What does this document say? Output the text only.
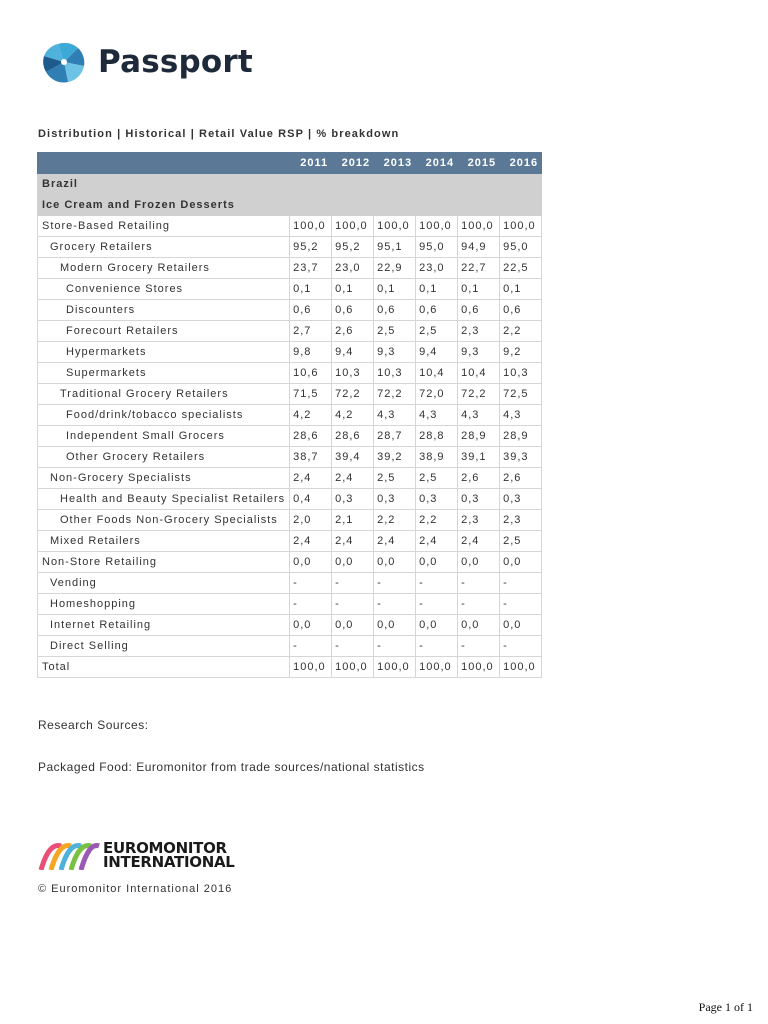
Passport
Distribution | Historical | Retail Value RSP | % breakdown
	2011	2012	2013	2014	2015	2016
Brazil						
Ice Cream and Frozen Desserts						
Store-Based Retailing	100,0	100,0	100,0	100,0	100,0	100,0
Grocery Retailers	95,2	95,2	95,1	95,0	94,9	95,0
Modern Grocery Retailers	23,7	23,0	22,9	23,0	22,7	22,5
Convenience Stores	0,1	0,1	0,1	0,1	0,1	0,1
Discounters	0,6	0,6	0,6	0,6	0,6	0,6
Forecourt Retailers	2,7	2,6	2,5	2,5	2,3	2,2
Hypermarkets	9,8	9,4	9,3	9,4	9,3	9,2
Supermarkets	10,6	10,3	10,3	10,4	10,4	10,3
Traditional Grocery Retailers	71,5	72,2	72,2	72,0	72,2	72,5
Food/drink/tobacco specialists	4,2	4,2	4,3	4,3	4,3	4,3
Independent Small Grocers	28,6	28,6	28,7	28,8	28,9	28,9
Other Grocery Retailers	38,7	39,4	39,2	38,9	39,1	39,3
Non-Grocery Specialists	2,4	2,4	2,5	2,5	2,6	2,6
Health and Beauty Specialist Retailers	0,4	0,3	0,3	0,3	0,3	0,3
Other Foods Non-Grocery Specialists	2,0	2,1	2,2	2,2	2,3	2,3
Mixed Retailers	2,4	2,4	2,4	2,4	2,4	2,5
Non-Store Retailing	0,0	0,0	0,0	0,0	0,0	0,0
Vending	-	-	-	-	-	-
Homeshopping	-	-	-	-	-	-
Internet Retailing	0,0	0,0	0,0	0,0	0,0	0,0
Direct Selling	-	-	-	-	-	-
Total	100,0	100,0	100,0	100,0	100,0	100,0
Research Sources:
Packaged Food: Euromonitor from trade sources/national statistics
EUROMONITOR
INTERNATIONAL
© Euromonitor International 2016
Page 1 of 1
